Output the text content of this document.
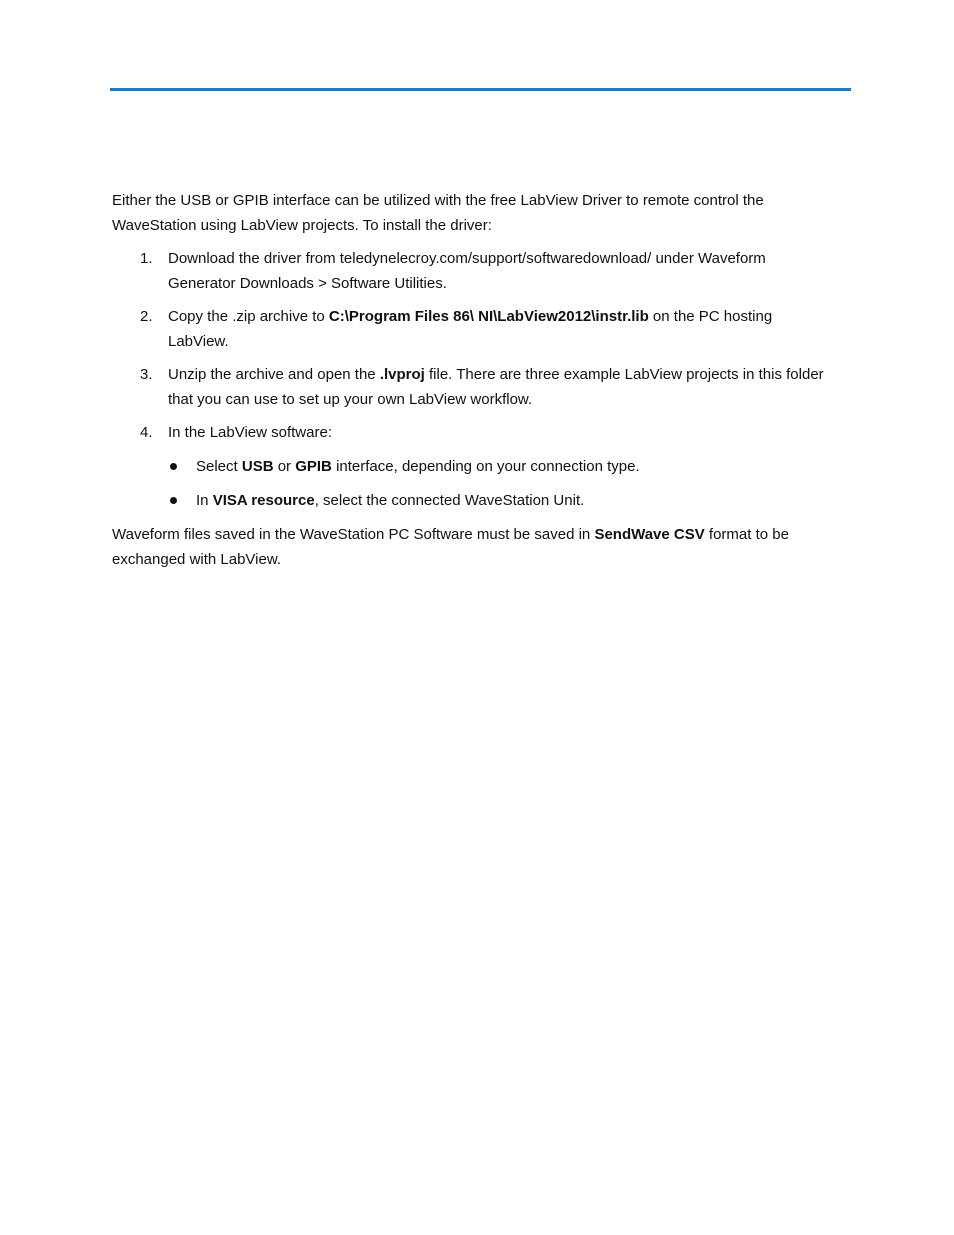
Either the USB or GPIB interface can be utilized with the free LabView Driver to remote control the WaveStation using LabView projects. To install the driver:

1. Download the driver from teledynelecroy.com/support/softwaredownload/ under Waveform Generator Downloads > Software Utilities.
2. Copy the .zip archive to C:\Program Files 86\ NI\LabView2012\instr.lib on the PC hosting LabView.
3. Unzip the archive and open the .lvproj file. There are three example LabView projects in this folder that you can use to set up your own LabView workflow.
4. In the LabView software:
Select USB or GPIB interface, depending on your connection type.
In VISA resource, select the connected WaveStation Unit.

Waveform files saved in the WaveStation PC Software must be saved in SendWave CSV format to be exchanged with LabView.
